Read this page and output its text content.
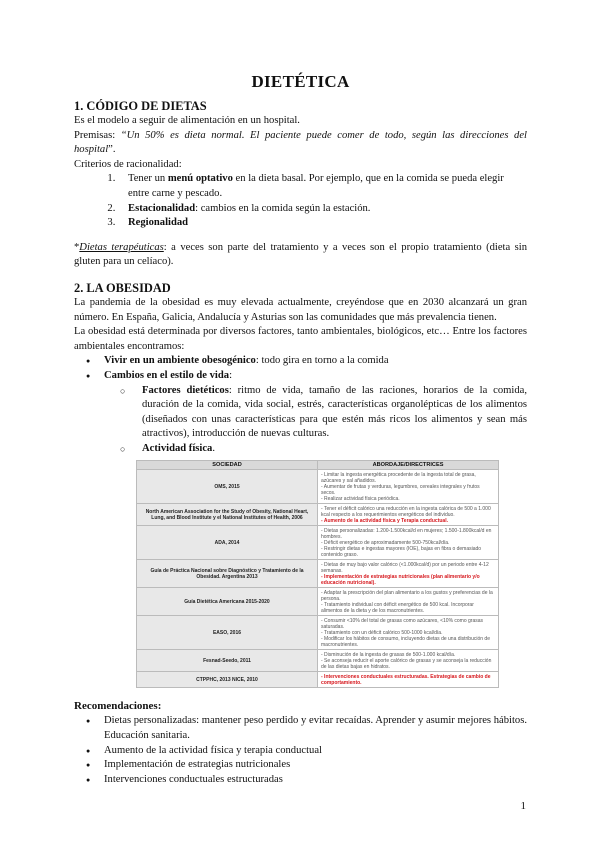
DIETÉTICA
1. CÓDIGO DE DIETAS

Es el modelo a seguir de alimentación en un hospital.

Premisas: “Un 50% es dieta normal. El paciente puede comer de todo, según las direcciones del hospital”.

Criterios de racionalidad:

1. Tener un menú optativo en la dieta basal. Por ejemplo, que en la comida se pueda elegir entre carne y pescado.
2. Estacionalidad: cambios en la comida según la estación.
3. Regionalidad

*Dietas terapéuticas: a veces son parte del tratamiento y a veces son el propio tratamiento (dieta sin gluten para un celíaco).

2. LA OBESIDAD

La pandemia de la obesidad es muy elevada actualmente, creyéndose que en 2030 alcanzará un gran número. En España, Galicia, Andalucía y Asturias son las comunidades que más prevalencia tienen.

La obesidad está determinada por diversos factores, tanto ambientales, biológicos, etc… Entre los factores ambientales encontramos:

● Vivir en un ambiente obesogénico: todo gira en torno a la comida
● Cambios en el estilo de vida:
○ Factores dietéticos: ritmo de vida, tamaño de las raciones, horarios de la comida, duración de la comida, vida social, estrés, características organolépticas de los alimentos (diseñados con unas características para que estén más ricos los alimentos y sean más atractivos), introducción de nuevas culturas.
○ Actividad física.
SOCIEDAD	ABORDAJE/DIRECTRICES
OMS, 2015	- Limitar la ingesta energética procedente de la ingesta total de grasa, azúcares y sal añadidos.
- Aumentar de frutas y verduras, legumbres, cereales integrales y frutos secos.
- Realizar actividad física periódica.

North American Association for the Study of Obesity, National Heart, Lung, and Blood Institute y el National Institutes of Health, 2006	- Tener el déficit calórico una reducción en la ingesta calórica de 500 a 1.000 kcal respecto a los requerimientos energéticos del individuo.
- Aumento de la actividad física y Terapia conductual.

ADA, 2014	- Dietas personalizadas: 1.200-1.500kcal/d en mujeres; 1.500-1.800kcal/d en hombres.
- Déficit energético de aproximadamente 500-750kcal/día.
- Restringir dietas e ingestas mayores (IOE), bajas en fibra o demasiado contenido graso.

Guía de Práctica Nacional sobre Diagnóstico y Tratamiento de la Obesidad. Argentina 2013	- Dietas de muy bajo valor calórico (<1.000kcal/d) por un periodo entre 4-12 semanas.
- Implementación de estrategias nutricionales (plan alimentario y/o educación nutricional).

Guía Dietética Americana 2015-2020	- Adaptar la prescripción del plan alimentario a los gustos y preferencias de la persona.
- Tratamiento individual con déficit energético de 500 kcal. Incorporar alimentos de la dieta y de los macronutrientes.

EASO, 2016	- Consumir <10% del total de grasas como azúcares, <10% como grasas saturadas.
- Tratamiento con un déficit calórico 500-1000 kcal/día.
- Modificar los hábitos de consumo, incluyendo dietas de una distribución de macronutrientes.

Fesnad-Seedo, 2011	- Disminución de la ingesta de grasas de 500-1.000 kcal/día.
- Se aconseja reducir el aporte calórico de grasas y se aconseja la reducción de las dietas bajas en hidratos.

CTPPHC, 2013 NICE, 2010	- Intervenciones conductuales estructuradas. Estrategias de cambio de comportamiento.
Recomendaciones:
● Dietas personalizadas: mantener peso perdido y evitar recaídas. Aprender y asumir mejores hábitos. Educación sanitaria.
● Aumento de la actividad física y terapia conductual
● Implementación de estrategias nutricionales
● Intervenciones conductuales estructuradas
1
